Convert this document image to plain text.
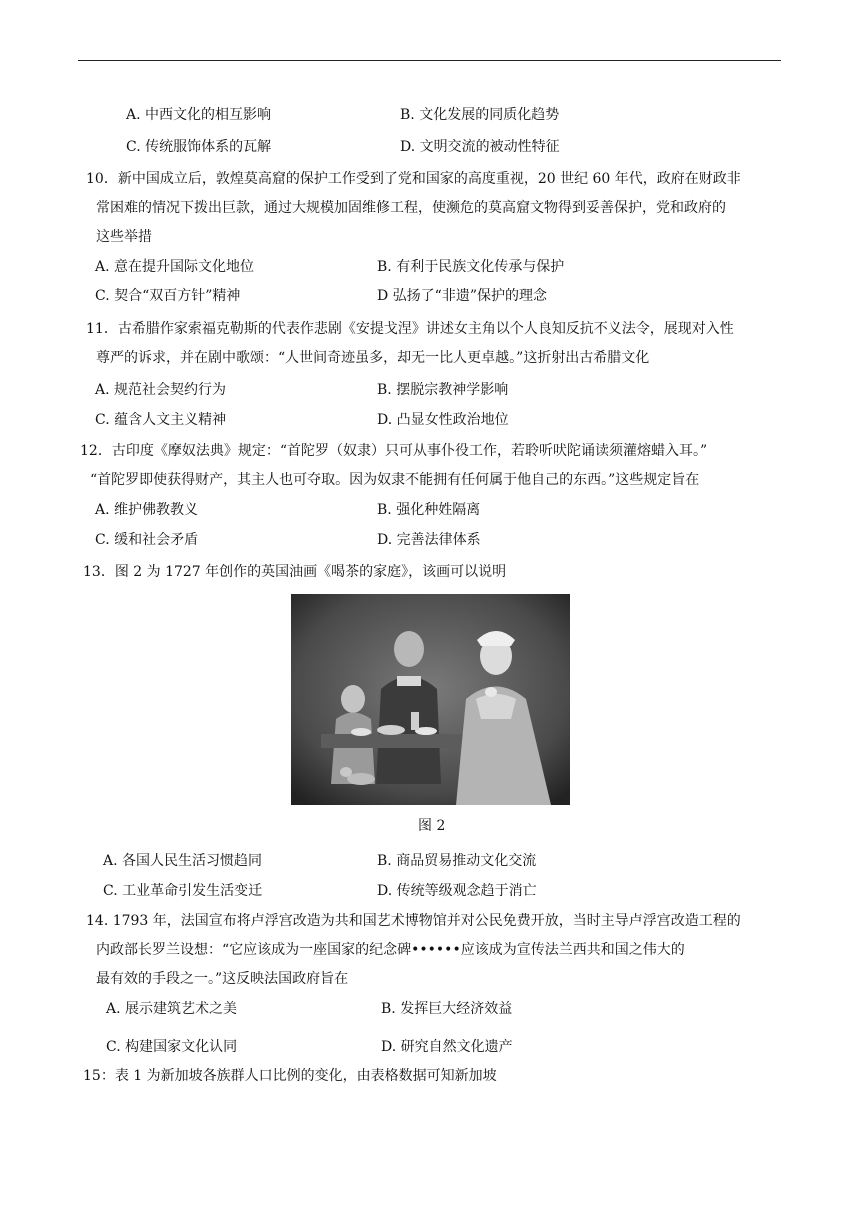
A. 中西文化的相互影响	B. 文化发展的同质化趋势
C. 传统服饰体系的瓦解	D. 文明交流的被动性特征
10．新中国成立后，敦煌莫高窟的保护工作受到了党和国家的高度重视，20 世纪 60 年代，政府在财政非
常困难的情况下拨出巨款，通过大规模加固维修工程，使濒危的莫高窟文物得到妥善保护，党和政府的
这些举措
A. 意在提升国际文化地位	B. 有利于民族文化传承与保护
C. 契合“双百方针”精神	D 弘扬了“非遗”保护的理念
11．古希腊作家索福克勒斯的代表作悲剧《安提戈涅》讲述女主角以个人良知反抗不义法令，展现对入性
尊严的诉求，并在剧中歌颂：“人世间奇迹虽多，却无一比人更卓越。”这折射出古希腊文化
A. 规范社会契约行为	B. 摆脱宗教神学影响
C. 蕴含人文主义精神	D. 凸显女性政治地位
12．古印度《摩奴法典》规定：“首陀罗（奴隶）只可从事仆役工作，若聆听吠陀诵读须灌熔蜡入耳。”
“首陀罗即使获得财产，其主人也可夺取。因为奴隶不能拥有任何属于他自己的东西。”这些规定旨在
A. 维护佛教教义	B. 强化种姓隔离
C. 缓和社会矛盾	D. 完善法律体系
13．图 2 为 1727 年创作的英国油画《喝茶的家庭》，该画可以说明
图 2
A. 各国人民生活习惯趋同	B. 商品贸易推动文化交流
C. 工业革命引发生活变迁	D. 传统等级观念趋于消亡
14. 1793 年，法国宣布将卢浮宫改造为共和国艺术博物馆并对公民免费开放，当时主导卢浮宫改造工程的
内政部长罗兰设想：“它应该成为一座国家的纪念碑••••••应该成为宣传法兰西共和国之伟大的
最有效的手段之一。”这反映法国政府旨在
A. 展示建筑艺术之美	B. 发挥巨大经济效益
C. 构建国家文化认同	D. 研究自然文化遗产
15：表 1 为新加坡各族群人口比例的变化，由表格数据可知新加坡
